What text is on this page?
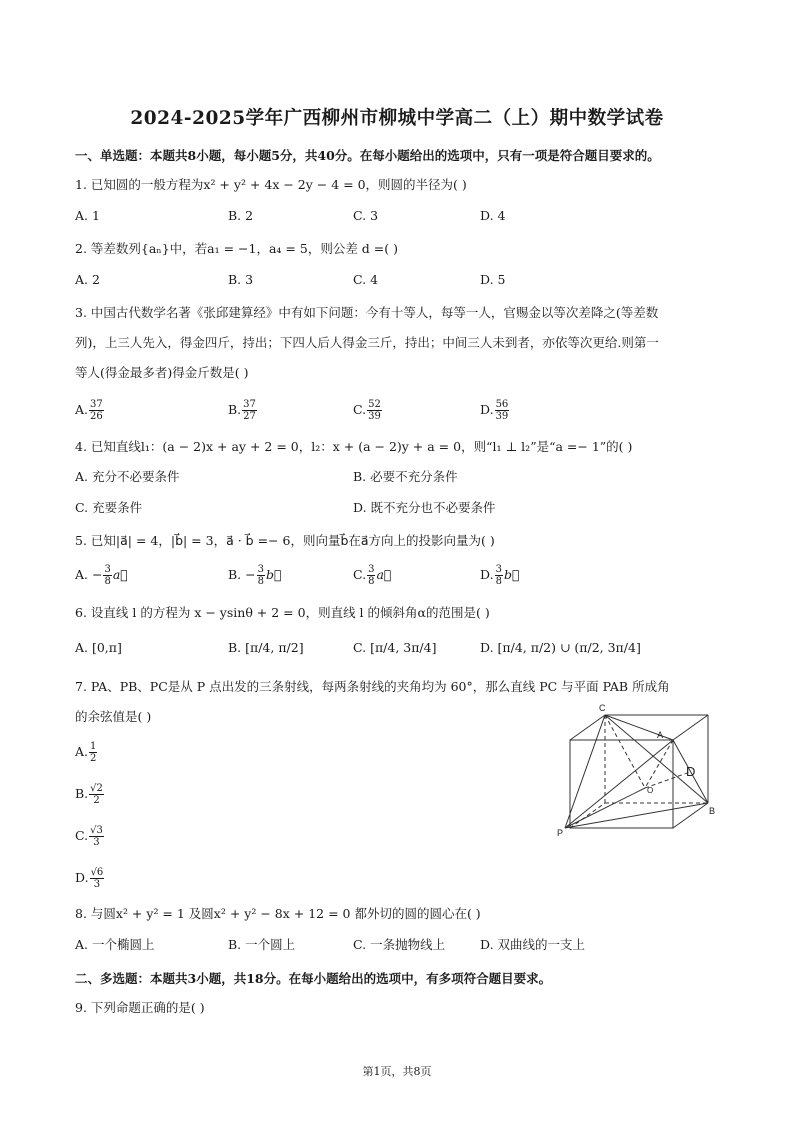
2024-2025学年广西柳州市柳城中学高二（上）期中数学试卷
一、单选题：本题共8小题，每小题5分，共40分。在每小题给出的选项中，只有一项是符合题目要求的。
1. 已知圆的一般方程为x² + y² + 4x − 2y − 4 = 0，则圆的半径为( )
A. 1	B. 2	C. 3	D. 4
2. 等差数列{aₙ}中，若a₁ = −1，a₄ = 5，则公差 d =( )
A. 2	B. 3	C. 4	D. 5
3. 中国古代数学名著《张邱建算经》中有如下问题：今有十等人，每等一人，官赐金以等次差降之(等差数
列)，上三人先入，得金四斤，持出；下四人后人得金三斤，持出；中间三人未到者，亦依等次更给.则第一
等人(得金最多者)得金斤数是( )
A. $\frac{37}{26}$	B. $\frac{37}{27}$	C. $\frac{52}{39}$	D. $\frac{56}{39}$
4. 已知直线l₁：(a − 2)x + ay + 2 = 0，l₂：x + (a − 2)y + a = 0，则“l₁ ⊥ l₂”是“a =− 1”的( )
A. 充分不必要条件	B. 必要不充分条件
C. 充要条件	D. 既不充分也不必要条件
5. 已知|a⃗| = 4，|b⃗| = 3，a⃗ · b⃗ =− 6，则向量b⃗在a⃗方向上的投影向量为( )
A. − $\frac{3}{8}$ a⃗	B. − $\frac{3}{8}$ b⃗	C. $\frac{3}{8}$ a⃗	D. $\frac{3}{8}$ b⃗
6. 设直线 l 的方程为 x − ysinθ + 2 = 0，则直线 l 的倾斜角α的范围是( )
A. [0,π]	B. [π/4, π/2]	C. [π/4, 3π/4]	D. [π/4, π/2) ∪ (π/2, 3π/4]
7. PA、PB、PC是从 P 点出发的三条射线，每两条射线的夹角均为 60°，那么直线 PC 与平面 PAB 所成角
的余弦值是( )
A. $\frac{1}{2}$
B. $\frac{√2}{2}$
C. $\frac{√3}{3}$
D. $\frac{√6}{3}$
C
A
D
O
B
P
8. 与圆x² + y² = 1 及圆x² + y² − 8x + 12 = 0 都外切的圆的圆心在( )
A. 一个椭圆上	B. 一个圆上	C. 一条抛物线上	D. 双曲线的一支上
二、多选题：本题共3小题，共18分。在每小题给出的选项中，有多项符合题目要求。
9. 下列命题正确的是( )
第1页，共8页
